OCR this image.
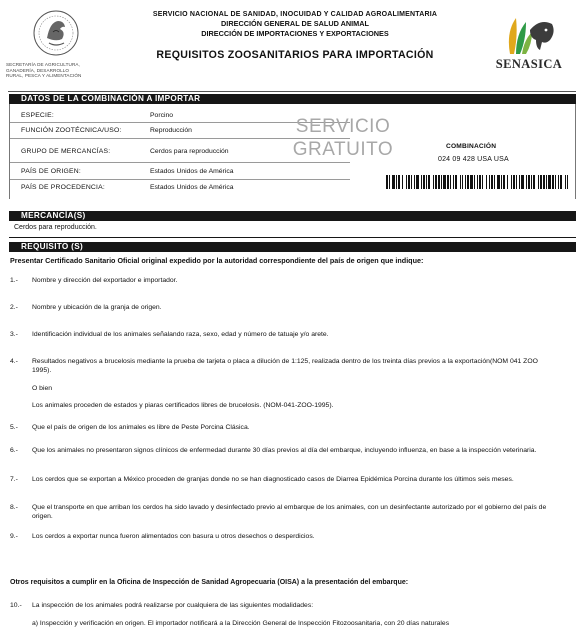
SECRETARÍA DE AGRICULTURA,
GANADERÍA, DESARROLLO
RURAL, PESCA Y ALIMENTACIÓN
SERVICIO NACIONAL DE SANIDAD, INOCUIDAD Y CALIDAD AGROALIMENTARIA
DIRECCIÓN GENERAL DE SALUD ANIMAL
DIRECCIÓN DE IMPORTACIONES Y EXPORTACIONES
REQUISITOS ZOOSANITARIOS PARA IMPORTACIÓN
SENASICA
DATOS DE LA COMBINACIÓN A IMPORTAR
ESPECIE:	Porcino
FUNCIÓN ZOOTÉCNICA/USO:	Reproducción
GRUPO DE MERCANCÍAS:	Cerdos para reproducción
PAÍS DE ORIGEN:	Estados Unidos de América
PAÍS DE PROCEDENCIA:	Estados Unidos de América
SERVICIO
GRATUITO	COMBINACIÓN
024 09 428 USA USA
MERCANCÍA(S)
Cerdos para reproducción.
REQUISITO (S)
Presentar Certificado Sanitario Oficial original expedido por la autoridad correspondiente del país de origen que indique:
1.-	Nombre y dirección del exportador e importador.
2.-	Nombre y ubicación de la granja de origen.
3.-	Identificación individual de los animales señalando raza, sexo, edad y número de tatuaje y/o arete.
4.-	Resultados negativos a brucelosis mediante la prueba de tarjeta o placa a dilución de 1:125, realizada dentro de los treinta días previos a la exportación(NOM 041 ZOO 1995).
O bien
Los animales proceden de estados y piaras certificados libres de brucelosis. (NOM-041-ZOO-1995).
5.-	Que el país de origen de los animales es libre de Peste Porcina Clásica.
6.-	Que los animales no presentaron signos clínicos de enfermedad durante 30 días previos al día del embarque, incluyendo influenza, en base a la inspección veterinaria.
7.-	Los cerdos que se exportan a México proceden de granjas donde no se han diagnosticado casos de Diarrea Epidémica Porcina durante los últimos seis meses.
8.-	Que el transporte en que arriban los cerdos ha sido lavado y desinfectado previo al embarque de los animales, con un desinfectante autorizado por el gobierno del país de origen.
9.-	Los cerdos a exportar nunca fueron alimentados con basura u otros desechos o desperdicios.
Otros requisitos a cumplir en la Oficina de Inspección de Sanidad Agropecuaria (OISA) a la presentación del embarque:
10.-	La inspección de los animales podrá realizarse por cualquiera de las siguientes modalidades:
a) Inspección y verificación en origen. El importador notificará a la Dirección General de Inspección Fitozoosanitaria, con 20 días naturales
